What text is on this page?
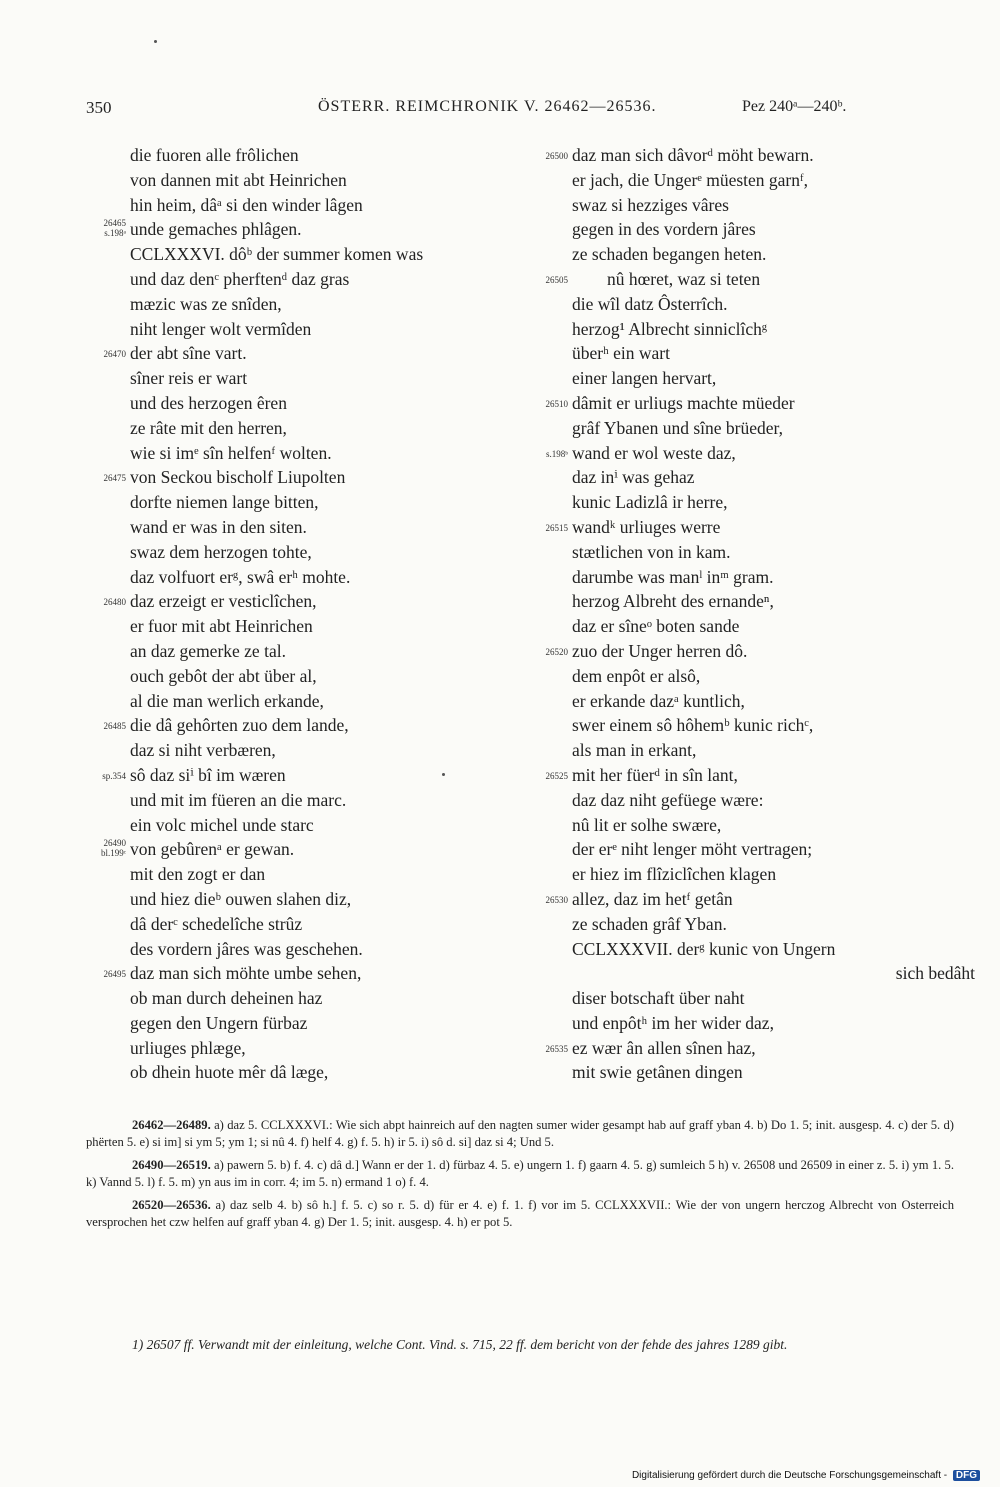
350	ÖSTERR. REIMCHRONIK V. 26462—26536.	Pez 240ᵃ—240ᵇ.
die fuoren alle frôlichen
von dannen mit abt Heinrichen
hin heim, dâᵃ si den winder lâgen
26465
s.198ᵃ unde gemaches phlâgen.
CCLXXXVI. dôᵇ der summer komen was
und daz denᶜ pherftenᵈ daz gras
mæzic was ze snîden,
niht lenger wolt vermîden
26470 der abt sîne vart.
sîner reis er wart
und des herzogen êren
ze râte mit den herren,
wie si imᵉ sîn helfenᶠ wolten.
26475 von Seckou bischolf Liupolten
dorfte niemen lange bitten,
wand er was in den siten.
swaz dem herzogen tohte,
daz volfuort erᵍ, swâ erʰ mohte.
26480 daz erzeigt er vesticlîchen,
er fuor mit abt Heinrichen
an daz gemerke ze tal.
ouch gebôt der abt über al,
al die man werlich erkande,
26485 die dâ gehôrten zuo dem lande,
daz si niht verbæren,
sp.354 sô daz siⁱ bî im wæren
und mit im füeren an die marc.
ein volc michel unde starc
26490
bl.199ᶜ von gebûrenᵃ er gewan.
mit den zogt er dan
und hiez dieᵇ ouwen slahen diz,
dâ derᶜ schedelîche strûz
des vordern jâres was geschehen.
26495 daz man sich möhte umbe sehen,
ob man durch deheinen haz
gegen den Ungern fürbaz
urliuges phlæge,
ob dhein huote mêr dâ læge,
26500 daz man sich dâvorᵈ möht bewarn.
er jach, die Ungerᵉ müesten garnᶠ,
swaz si hezziges vâres
gegen in des vordern jâres
ze schaden begangen heten.
26505 nû hœret, waz si teten
die wîl datz Ôsterrîch.
herzog¹ Albrecht sinniclîchᵍ
überʰ ein wart
einer langen hervart,
26510 dâmit er urliugs machte müeder
grâf Ybanen und sîne brüeder,
s.198ᵇ wand er wol weste daz,
daz inⁱ was gehaz
kunic Ladizlâ ir herre,
26515 wandᵏ urliuges werre
stætlichen von in kam.
darumbe was manˡ inᵐ gram.
herzog Albreht des ernandeⁿ,
daz er sîneᵒ boten sande
26520 zuo der Unger herren dô.
dem enpôt er alsô,
er erkande dazᵃ kuntlich,
swer einem sô hôhemᵇ kunic richᶜ,
als man in erkant,
26525 mit her füerᵈ in sîn lant,
daz daz niht gefüege wære:
nû lit er solhe swære,
der erᵉ niht lenger möht vertragen;
er hiez im flîziclîchen klagen
26530 allez, daz im hetᶠ getân
ze schaden grâf Yban.
CCLXXXVII. derᵍ kunic von Ungern
sich bedâht
diser botschaft über naht
und enpôtʰ im her wider daz,
26535 ez wær ân allen sînen haz,
mit swie getânen dingen

26462—26489. a) daz 5. CCLXXXVI.: Wie sich abpt hainreich auf den nagten sumer wider gesampt hab auf graff yban 4. b) Do 1. 5; init. ausgesp. 4. c) der 5. d) phërten 5. e) si im] si ym 5; ym 1; si nû 4. f) helf 4. g) f. 5. h) ir 5. i) sô d. si] daz si 4; Und 5.

26490—26519. a) pawern 5. b) f. 4. c) dâ d.] Wann er der 1. d) fürbaz 4. 5. e) ungern 1. f) gaarn 4. 5. g) sumleich 5 h) v. 26508 und 26509 in einer z. 5. i) ym 1. 5. k) Vannd 5. l) f. 5. m) yn aus im in corr. 4; im 5. n) ermand 1 o) f. 4.

26520—26536. a) daz selb 4. b) sô h.] f. 5. c) so r. 5. d) für er 4. e) f. 1. f) vor im 5. CCLXXXVII.: Wie der von ungern herczog Albrecht von Osterreich versprochen het czw helfen auf graff yban 4. g) Der 1. 5; init. ausgesp. 4. h) er pot 5.

1) 26507 ff. Verwandt mit der einleitung, welche Cont. Vind. s. 715, 22 ff. dem bericht von der fehde des jahres 1289 gibt.
Digitalisierung gefördert durch die Deutsche Forschungsgemeinschaft - DFG
